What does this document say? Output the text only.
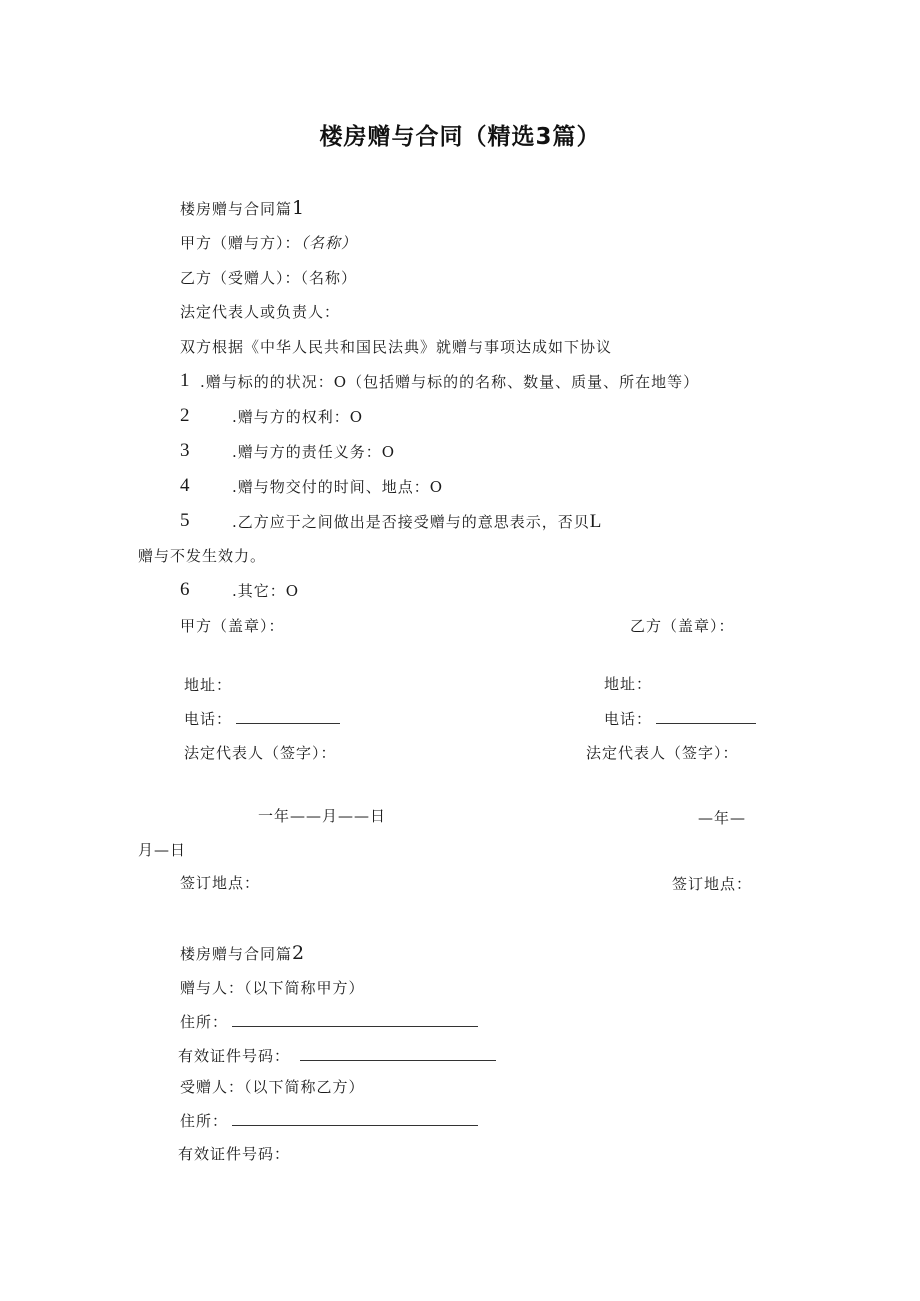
楼房赠与合同（精选3篇）
楼房赠与合同篇1
甲方（赠与方）：（名称）
乙方（受赠人）：（名称）
法定代表人或负责人：
双方根据《中华人民共和国民法典》就赠与事项达成如下协议
1 .赠与标的的状况：O（包括赠与标的的名称、数量、质量、所在地等）
2	.赠与方的权利：O
3	.赠与方的责任义务：O
4	.赠与物交付的时间、地点：O
5	.乙方应于之间做出是否接受赠与的意思表示，否贝L
赠与不发生效力。
6	.其它：O
甲方（盖章）：	乙方（盖章）：
地址：	地址：
电话：	电话：
法定代表人（签字）：	法定代表人（签字）：
一年——月——日	—年—
月—日
签订地点：	签订地点：
楼房赠与合同篇2
赠与人：（以下简称甲方）
住所：
有效证件号码：
受赠人：（以下简称乙方）
住所：
有效证件号码：
